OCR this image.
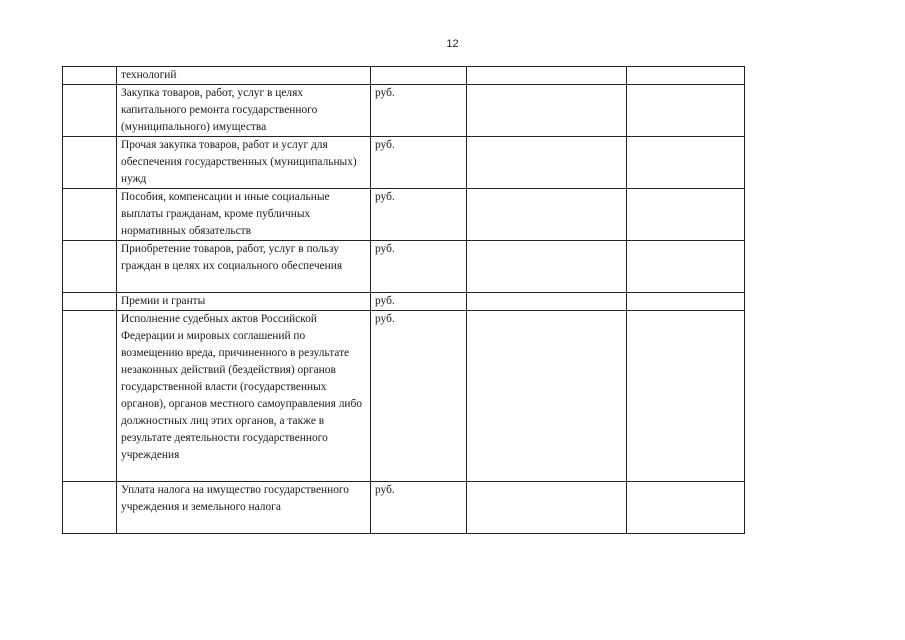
12
	технологий			
	Закупка товаров, работ, услуг в целях капитального ремонта государственного (муниципального) имущества	руб.		
	Прочая закупка товаров, работ и услуг для обеспечения государственных (муниципальных) нужд	руб.		
	Пособия, компенсации и иные социальные выплаты гражданам, кроме публичных нормативных обязательств	руб.		
	Приобретение товаров, работ, услуг в пользу граждан в целях их социального обеспечения	руб.		
	Премии и гранты	руб.		
	Исполнение судебных актов Российской Федерации и мировых соглашений по возмещению вреда, причиненного в результате незаконных действий (бездействия) органов государственной власти (государственных органов), органов местного самоуправления либо должностных лиц этих органов, а также в результате деятельности государственного учреждения	руб.		
	Уплата налога на имущество государственного учреждения и земельного налога	руб.		
